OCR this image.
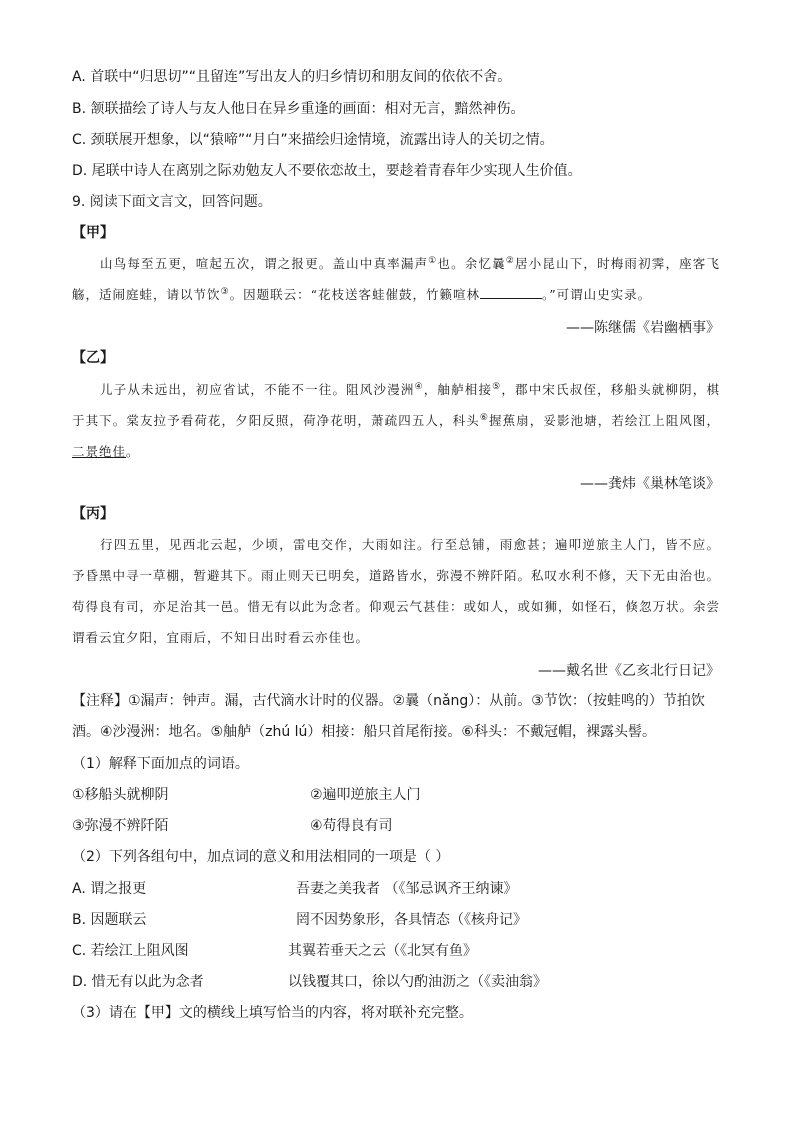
A. 首联中“归思切”“且留连”写出友人的归乡情切和朋友间的依依不舍。
B. 颔联描绘了诗人与友人他日在异乡重逢的画面：相对无言，黯然神伤。
C. 颈联展开想象，以“猿啼”“月白”来描绘归途情境，流露出诗人的关切之情。
D. 尾联中诗人在离别之际劝勉友人不要依恋故土，要趁着青春年少实现人生价值。
9. 阅读下面文言文，回答问题。
【甲】

山鸟每至五更，喧起五次，谓之报更。盖山中真率漏声①也。余忆曩②居小昆山下，时梅雨初霁，座客飞觞，适闹庭蛙，请以节饮③。因题联云：“花枝送客蛙催鼓，竹籁喧林	。”可谓山史实录。

——陈继儒《岩幽栖事》
【乙】

儿子从未远出，初应省试，不能不一往。阻风沙漫洲④，舳舻相接⑤，郡中宋氏叔侄，移船头就柳阴，棋于其下。棠友拉予看荷花，夕阳反照，荷净花明，萧疏四五人，科头⑥握蕉扇，妥影池塘，若绘江上阻风图，二景绝佳。

——龚炜《巢林笔谈》
【丙】

行四五里，见西北云起，少顷，雷电交作，大雨如注。行至总铺，雨愈甚；遍叩逆旅主人门，皆不应。予昏黑中寻一草棚，暂避其下。雨止则天已明矣，道路皆水，弥漫不辨阡陌。私叹水利不修，天下无由治也。苟得良有司，亦足治其一邑。惜无有以此为念者。仰观云气甚佳：或如人，或如狮，如怪石，倏忽万状。余尝谓看云宜夕阳，宜雨后，不知日出时看云亦佳也。

——戴名世《乙亥北行日记》
【注释】①漏声：钟声。漏，古代滴水计时的仪器。②曩（nǎng）：从前。③节饮：（按蛙鸣的）节拍饮
酒。④沙漫洲：地名。⑤舳舻（zhú lú）相接：船只首尾衔接。⑥科头：不戴冠帽，裸露头髻。
（1）解释下面加点的词语。
①移船头就柳阴	②遍叩逆旅主人门
③弥漫不辨阡陌	④苟得良有司
（2）下列各组句中，加点词的意义和用法相同的一项是（ ）
A. 谓之报更	吾妻之美我者 （《邹忌讽齐王纳谏》
B. 因题联云	罔不因势象形，各具情态（《核舟记》
C. 若绘江上阻风图	其翼若垂天之云（《北冥有鱼》
D. 惜无有以此为念者	以钱覆其口，徐以勺酌油沥之（《卖油翁》
（3）请在【甲】文的横线上填写恰当的内容，将对联补充完整。
